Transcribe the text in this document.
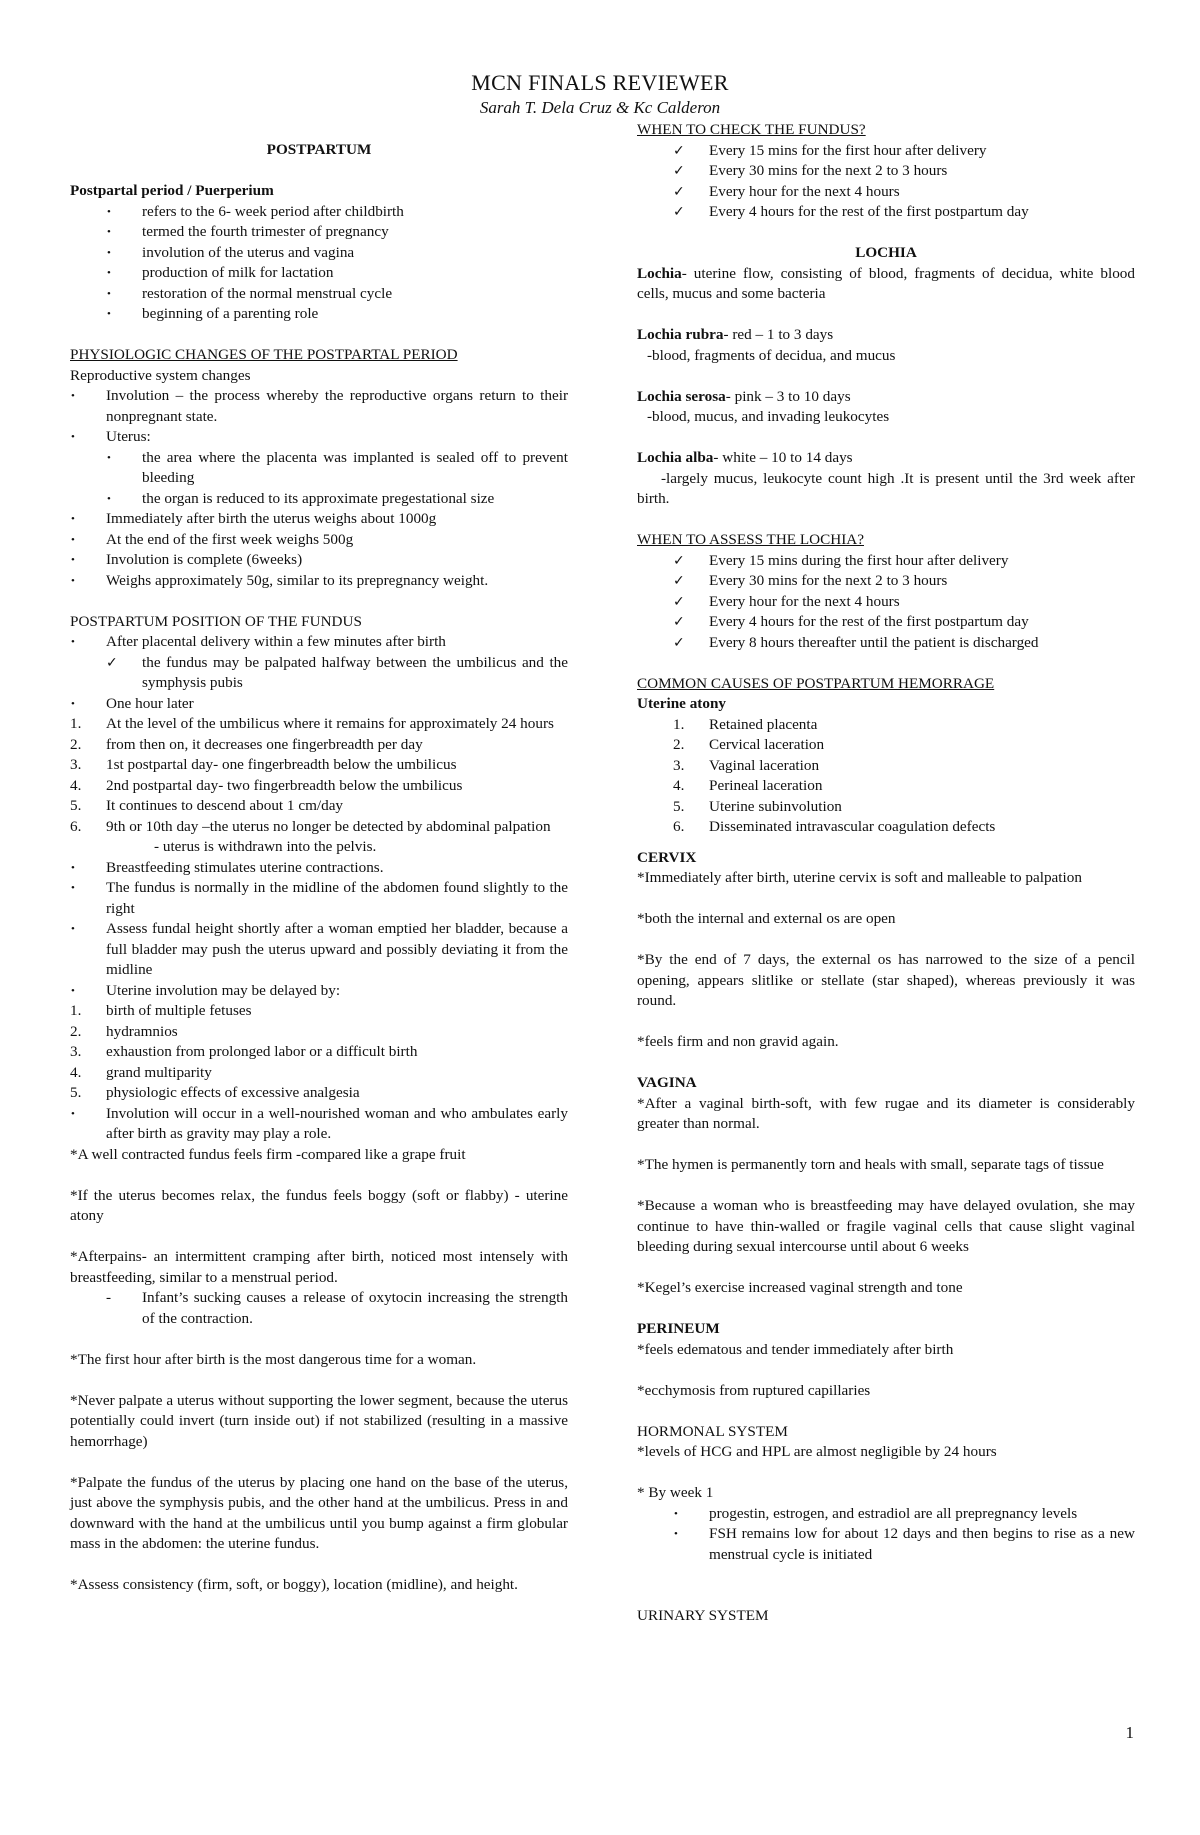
MCN FINALS REVIEWER
Sarah T. Dela Cruz & Kc Calderon

POSTPARTUM

Postpartal period / Puerperium

•	refers to the 6- week period after childbirth
•	termed the fourth trimester of pregnancy
•	involution of the uterus and vagina
•	production of milk for lactation
•	restoration of the normal menstrual cycle
•	beginning of a parenting role

PHYSIOLOGIC CHANGES OF THE POSTPARTAL PERIOD

Reproductive system changes

•	Involution – the process whereby the reproductive organs return to their nonpregnant state.
•	Uterus:
•	the area where the placenta was implanted is sealed off to prevent bleeding
•	the organ is reduced to its approximate pregestational size
•	Immediately after birth the uterus weighs about 1000g
•	At the end of the first week weighs 500g
•	Involution is complete (6weeks)
•	Weighs approximately 50g, similar to its prepregnancy weight.

POSTPARTUM POSITION OF THE FUNDUS

•	After placental delivery within a few minutes after birth
✓	the fundus may be palpated halfway between the umbilicus and the symphysis pubis
•	One hour later
1.	At the level of the umbilicus where it remains for approximately 24 hours
2.	from then on, it decreases one fingerbreadth per day
3.	1st postpartal day- one fingerbreadth below the umbilicus
4.	2nd postpartal day- two fingerbreadth below the umbilicus
5.	It continues to descend about 1 cm/day
6.	9th or 10th day –the uterus no longer be detected by abdominal palpation

- uterus is withdrawn into the pelvis.

•	Breastfeeding stimulates uterine contractions.
•	The fundus is normally in the midline of the abdomen found slightly to the right
•	Assess fundal height shortly after a woman emptied her bladder, because a full bladder may push the uterus upward and possibly deviating it from the midline
•	Uterine involution may be delayed by:
1.	birth of multiple fetuses
2.	hydramnios
3.	exhaustion from prolonged labor or a difficult birth
4.	grand multiparity
5.	physiologic effects of excessive analgesia
•	Involution will occur in a well-nourished woman and who ambulates early after birth as gravity may play a role.

*A well contracted fundus feels firm -compared like a grape fruit

*If the uterus becomes relax, the fundus feels boggy (soft or flabby) - uterine atony

*Afterpains- an intermittent cramping after birth, noticed most intensely with breastfeeding, similar to a menstrual period.

-	Infant’s sucking causes a release of oxytocin increasing the strength of the contraction.

*The first hour after birth is the most dangerous time for a woman.

*Never palpate a uterus without supporting the lower segment, because the uterus potentially could invert (turn inside out) if not stabilized (resulting in a massive hemorrhage)

*Palpate the fundus of the uterus by placing one hand on the base of the uterus, just above the symphysis pubis, and the other hand at the umbilicus. Press in and downward with the hand at the umbilicus until you bump against a firm globular mass in the abdomen: the uterine fundus.

*Assess consistency (firm, soft, or boggy), location (midline), and height.

WHEN TO CHECK THE FUNDUS?

✓	Every 15 mins for the first hour after delivery
✓	Every 30 mins for the next 2 to 3 hours
✓	Every hour for the next 4 hours
✓	Every 4 hours for the rest of the first postpartum day

LOCHIA

Lochia- uterine flow, consisting of blood, fragments of decidua, white blood cells, mucus and some bacteria

Lochia rubra- red – 1 to 3 days

-blood, fragments of decidua, and mucus

Lochia serosa- pink – 3 to 10 days

-blood, mucus, and invading leukocytes

Lochia alba- white – 10 to 14 days

-largely mucus, leukocyte count high .It is present until the 3rd week after birth.

WHEN TO ASSESS THE LOCHIA?

✓	Every 15 mins during the first hour after delivery
✓	Every 30 mins for the next 2 to 3 hours
✓	Every hour for the next 4 hours
✓	Every 4 hours for the rest of the first postpartum day
✓	Every 8 hours thereafter until the patient is discharged

COMMON CAUSES OF POSTPARTUM HEMORRAGE

Uterine atony

1.	Retained placenta
2.	Cervical laceration
3.	Vaginal laceration
4.	Perineal laceration
5.	Uterine subinvolution
6.	Disseminated intravascular coagulation defects

CERVIX

*Immediately after birth, uterine cervix is soft and malleable to palpation

*both the internal and external os are open

*By the end of 7 days, the external os has narrowed to the size of a pencil opening, appears slitlike or stellate (star shaped), whereas previously it was round.

*feels firm and non gravid again.

VAGINA

*After a vaginal birth-soft, with few rugae and its diameter is considerably greater than normal.

*The hymen is permanently torn and heals with small, separate tags of tissue

*Because a woman who is breastfeeding may have delayed ovulation, she may continue to have thin-walled or fragile vaginal cells that cause slight vaginal bleeding during sexual intercourse until about 6 weeks

*Kegel’s exercise increased vaginal strength and tone

PERINEUM

*feels edematous and tender immediately after birth

*ecchymosis from ruptured capillaries

HORMONAL SYSTEM

*levels of HCG and HPL are almost negligible by 24 hours

* By week 1

•	progestin, estrogen, and estradiol are all prepregnancy levels
•	FSH remains low for about 12 days and then begins to rise as a new menstrual cycle is initiated

URINARY SYSTEM

1
